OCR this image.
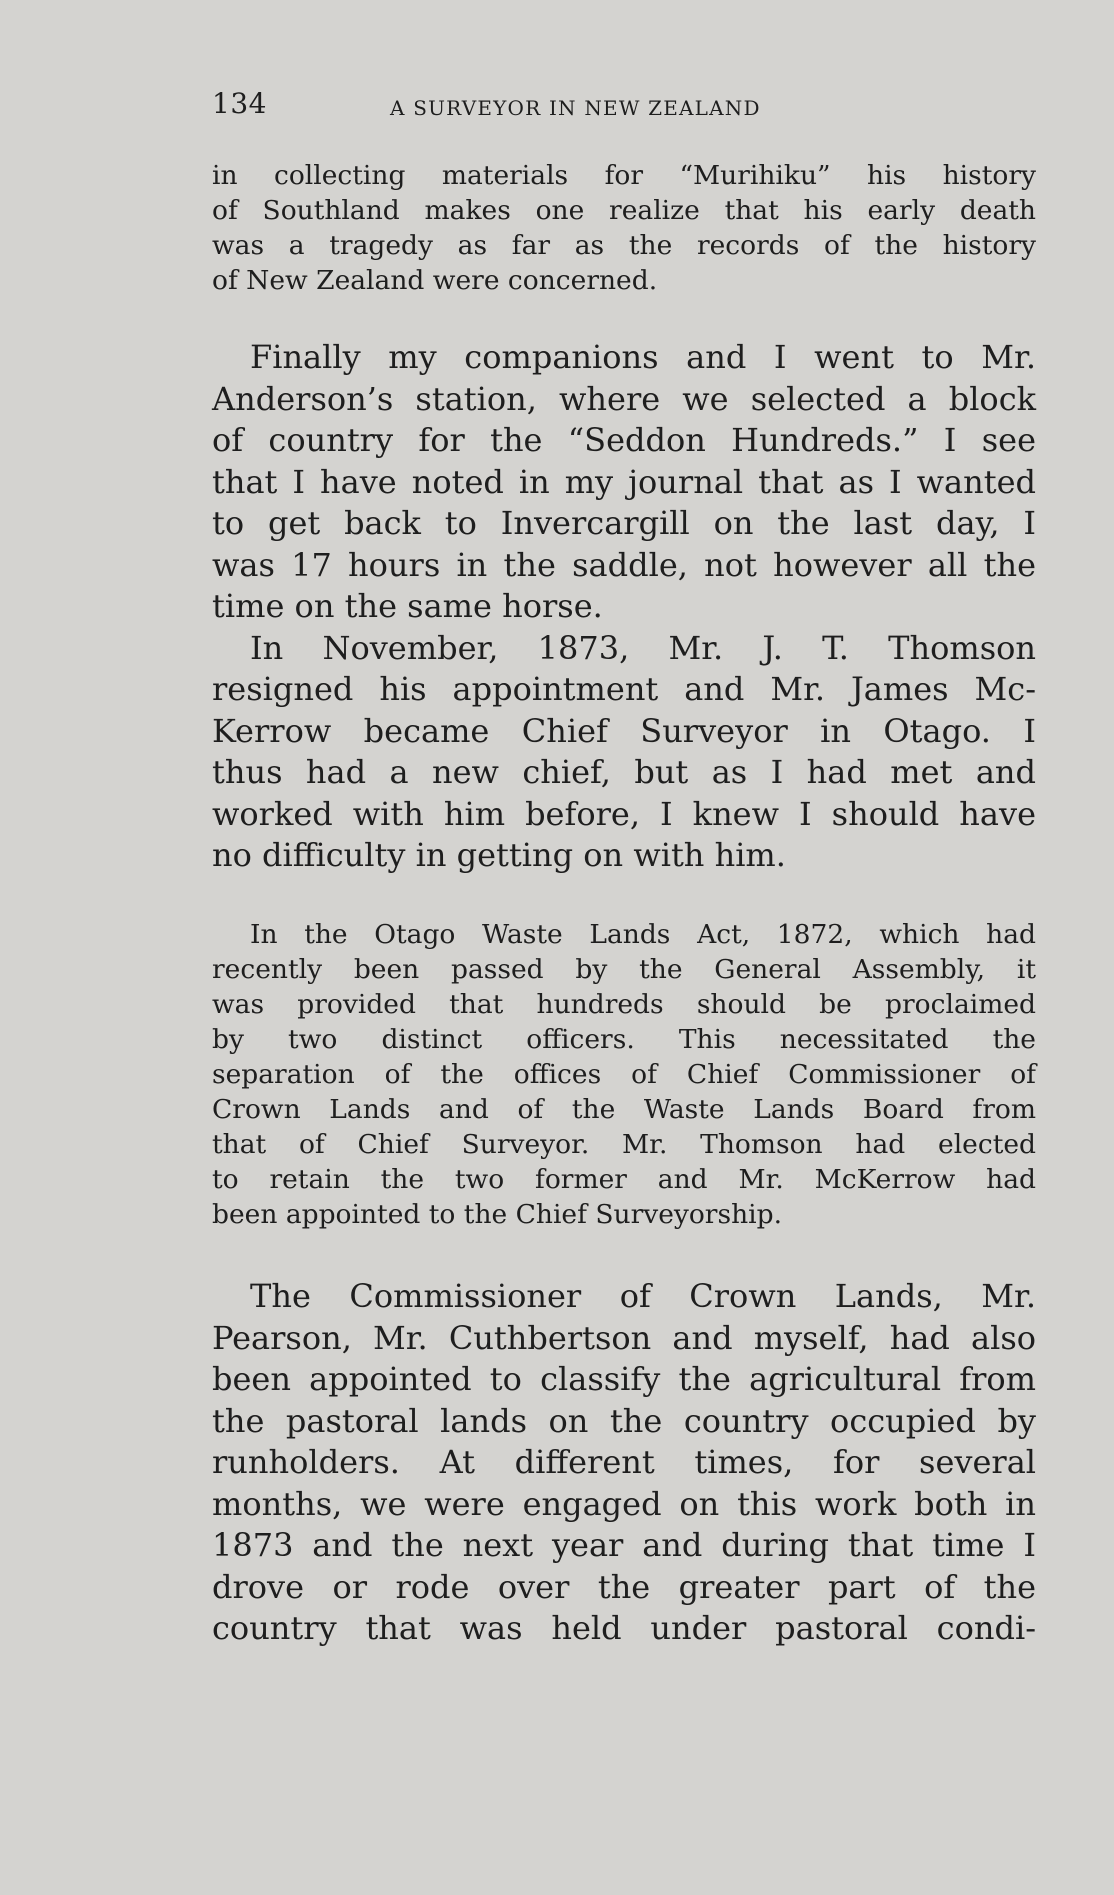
134	A SURVEYOR IN NEW ZEALAND
in collecting materials for “Murihiku” his history
of Southland makes one realize that his early death
was a tragedy as far as the records of the history
of New Zealand were concerned.
Finally my companions and I went to Mr.
Anderson’s station, where we selected a block
of country for the “Seddon Hundreds.” I see
that I have noted in my journal that as I wanted
to get back to Invercargill on the last day, I
was 17 hours in the saddle, not however all the
time on the same horse.
In November, 1873, Mr. J. T. Thomson
resigned his appointment and Mr. James Mc-
Kerrow became Chief Surveyor in Otago. I
thus had a new chief, but as I had met and
worked with him before, I knew I should have
no difficulty in getting on with him.
In the Otago Waste Lands Act, 1872, which had
recently been passed by the General Assembly, it
was provided that hundreds should be proclaimed
by two distinct officers. This necessitated the
separation of the offices of Chief Commissioner of
Crown Lands and of the Waste Lands Board from
that of Chief Surveyor. Mr. Thomson had elected
to retain the two former and Mr. McKerrow had
been appointed to the Chief Surveyorship.
The Commissioner of Crown Lands, Mr.
Pearson, Mr. Cuthbertson and myself, had also
been appointed to classify the agricultural from
the pastoral lands on the country occupied by
runholders. At different times, for several
months, we were engaged on this work both in
1873 and the next year and during that time I
drove or rode over the greater part of the
country that was held under pastoral condi-
